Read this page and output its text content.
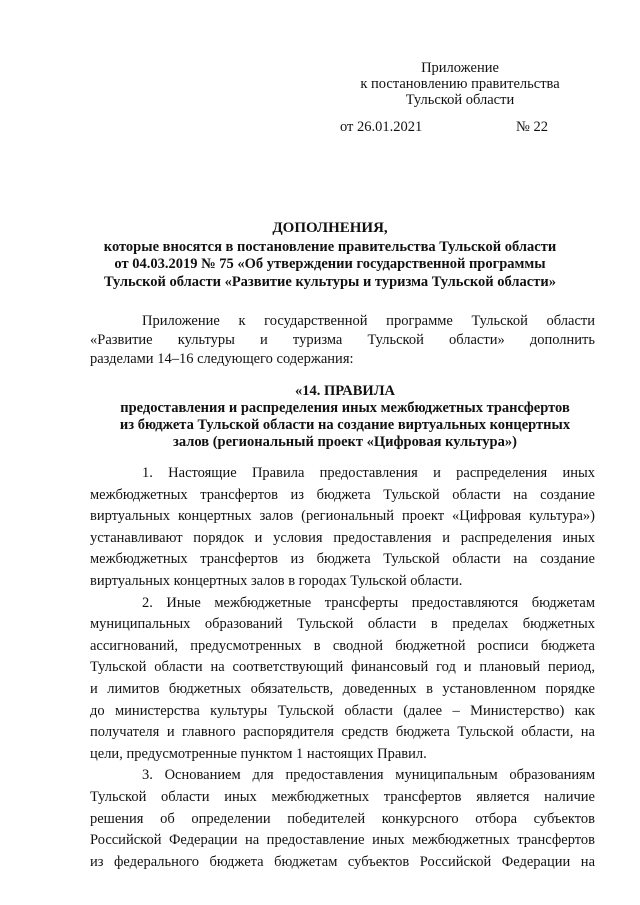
Приложение
к постановлению правительства
Тульской области
от 26.01.2021	№ 22
ДОПОЛНЕНИЯ,
которые вносятся в постановление правительства Тульской области
от 04.03.2019 № 75 «Об утверждении государственной программы
Тульской области «Развитие культуры и туризма Тульской области»
Приложение к государственной программе Тульской области
«Развитие культуры и туризма Тульской области» дополнить
разделами 14–16 следующего содержания:
«14. ПРАВИЛА
предоставления и распределения иных межбюджетных трансфертов
из бюджета Тульской области на создание виртуальных концертных
залов (региональный проект «Цифровая культура»)
1. Настоящие Правила предоставления и распределения иных
межбюджетных трансфертов из бюджета Тульской области на создание
виртуальных концертных залов (региональный проект «Цифровая культура»)
устанавливают порядок и условия предоставления и распределения иных
межбюджетных трансфертов из бюджета Тульской области на создание
виртуальных концертных залов в городах Тульской области.
2. Иные межбюджетные трансферты предоставляются бюджетам
муниципальных образований Тульской области в пределах бюджетных
ассигнований, предусмотренных в сводной бюджетной росписи бюджета
Тульской области на соответствующий финансовый год и плановый период,
и лимитов бюджетных обязательств, доведенных в установленном порядке
до министерства культуры Тульской области (далее – Министерство) как
получателя и главного распорядителя средств бюджета Тульской области, на
цели, предусмотренные пунктом 1 настоящих Правил.
3. Основанием для предоставления муниципальным образованиям
Тульской области иных межбюджетных трансфертов является наличие
решения об определении победителей конкурсного отбора субъектов
Российской Федерации на предоставление иных межбюджетных трансфертов
из федерального бюджета бюджетам субъектов Российской Федерации на
